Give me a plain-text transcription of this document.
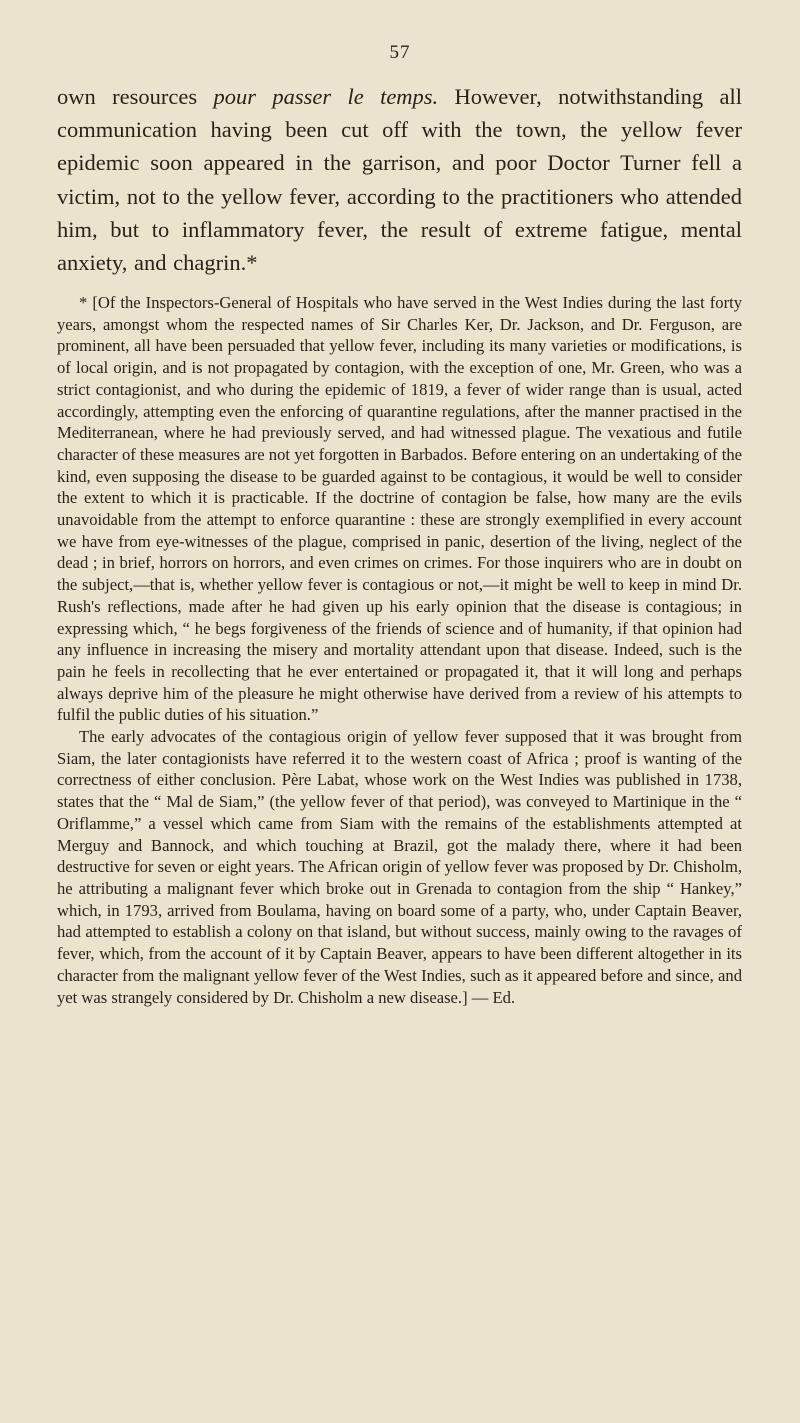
57

own resources pour passer le temps. However, notwithstanding all communication having been cut off with the town, the yellow fever epidemic soon appeared in the garrison, and poor Doctor Turner fell a victim, not to the yellow fever, according to the practitioners who attended him, but to inflammatory fever, the result of extreme fatigue, mental anxiety, and chagrin.*

* [Of the Inspectors-General of Hospitals who have served in the West Indies during the last forty years, amongst whom the respected names of Sir Charles Ker, Dr. Jackson, and Dr. Ferguson, are prominent, all have been persuaded that yellow fever, including its many varieties or modifications, is of local origin, and is not propagated by contagion, with the exception of one, Mr. Green, who was a strict contagionist, and who during the epidemic of 1819, a fever of wider range than is usual, acted accordingly, attempting even the enforcing of quarantine regulations, after the manner practised in the Mediterranean, where he had previously served, and had witnessed plague. The vexatious and futile character of these measures are not yet forgotten in Barbados. Before entering on an undertaking of the kind, even supposing the disease to be guarded against to be contagious, it would be well to consider the extent to which it is practicable. If the doctrine of contagion be false, how many are the evils unavoidable from the attempt to enforce quarantine : these are strongly exemplified in every account we have from eye-witnesses of the plague, comprised in panic, desertion of the living, neglect of the dead ; in brief, horrors on horrors, and even crimes on crimes. For those inquirers who are in doubt on the subject,—that is, whether yellow fever is contagious or not,—it might be well to keep in mind Dr. Rush's reflections, made after he had given up his early opinion that the disease is contagious; in expressing which, “ he begs forgiveness of the friends of science and of humanity, if that opinion had any influence in increasing the misery and mortality attendant upon that disease. Indeed, such is the pain he feels in recollecting that he ever entertained or propagated it, that it will long and perhaps always deprive him of the pleasure he might otherwise have derived from a review of his attempts to fulfil the public duties of his situation.”

The early advocates of the contagious origin of yellow fever supposed that it was brought from Siam, the later contagionists have referred it to the western coast of Africa ; proof is wanting of the correctness of either conclusion. Père Labat, whose work on the West Indies was published in 1738, states that the “ Mal de Siam,” (the yellow fever of that period), was conveyed to Martinique in the “ Oriflamme,” a vessel which came from Siam with the remains of the establishments attempted at Merguy and Bannock, and which touching at Brazil, got the malady there, where it had been destructive for seven or eight years. The African origin of yellow fever was proposed by Dr. Chisholm, he attributing a malignant fever which broke out in Grenada to contagion from the ship “ Hankey,” which, in 1793, arrived from Boulama, having on board some of a party, who, under Captain Beaver, had attempted to establish a colony on that island, but without success, mainly owing to the ravages of fever, which, from the account of it by Captain Beaver, appears to have been different altogether in its character from the malignant yellow fever of the West Indies, such as it appeared before and since, and yet was strangely considered by Dr. Chisholm a new disease.] — Ed.
